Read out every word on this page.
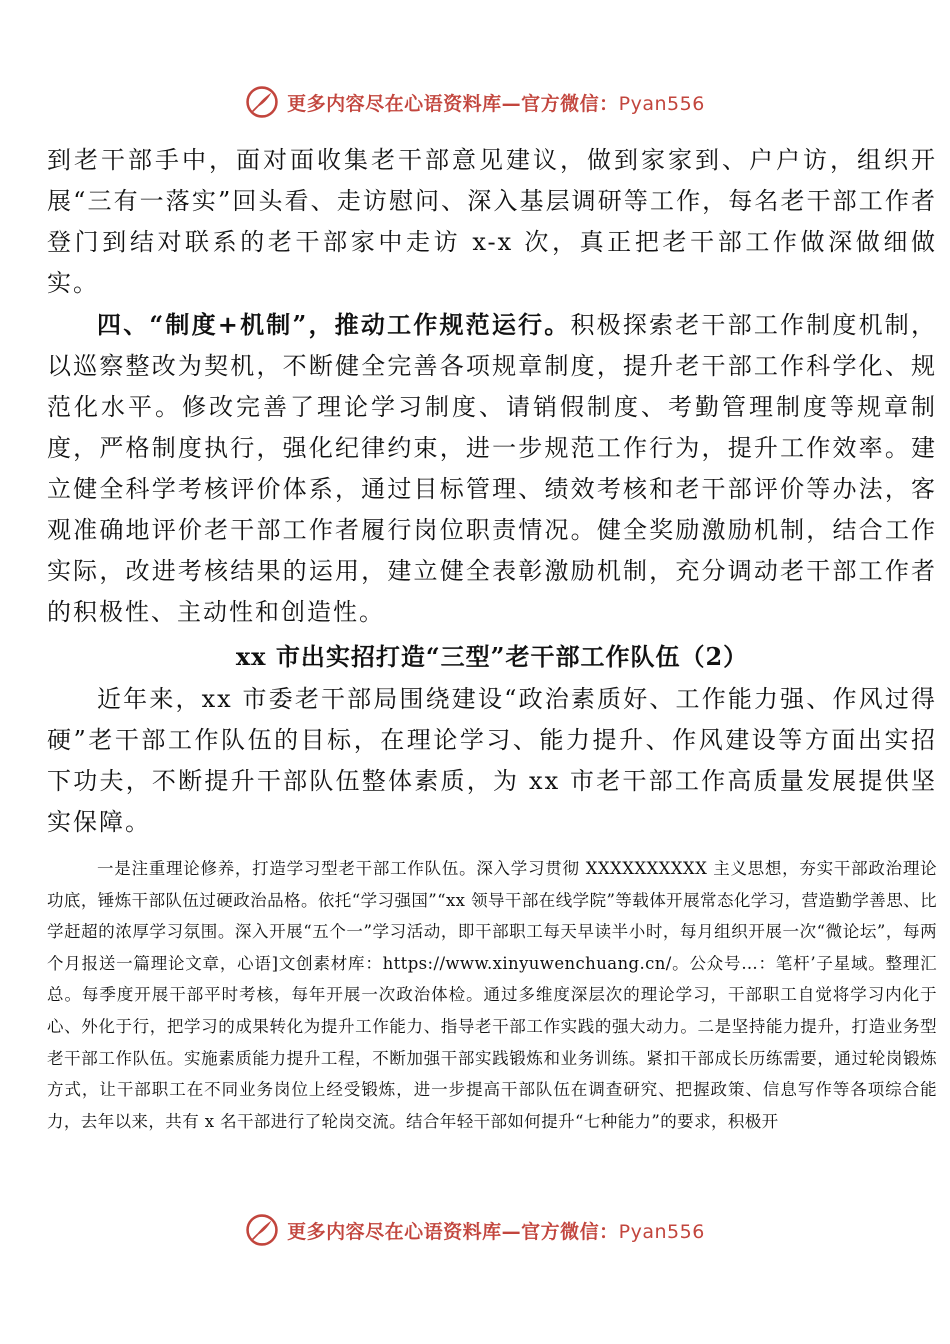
更多内容尽在心语资料库—官方微信：Pyan556

到老干部手中，面对面收集老干部意见建议，做到家家到、户户访，组织开展“三有一落实”回头看、走访慰问、深入基层调研等工作，每名老干部工作者登门到结对联系的老干部家中走访 x-x 次，真正把老干部工作做深做细做实。

四、“制度+机制”，推动工作规范运行。积极探索老干部工作制度机制，以巡察整改为契机，不断健全完善各项规章制度，提升老干部工作科学化、规范化水平。修改完善了理论学习制度、请销假制度、考勤管理制度等规章制度，严格制度执行，强化纪律约束，进一步规范工作行为，提升工作效率。建立健全科学考核评价体系，通过目标管理、绩效考核和老干部评价等办法，客观准确地评价老干部工作者履行岗位职责情况。健全奖励激励机制，结合工作实际，改进考核结果的运用，建立健全表彰激励机制，充分调动老干部工作者的积极性、主动性和创造性。

xx 市出实招打造“三型”老干部工作队伍（2）

近年来，xx 市委老干部局围绕建设“政治素质好、工作能力强、作风过得硬”老干部工作队伍的目标，在理论学习、能力提升、作风建设等方面出实招下功夫，不断提升干部队伍整体素质，为 xx 市老干部工作高质量发展提供坚实保障。

一是注重理论修养，打造学习型老干部工作队伍。深入学习贯彻 XXXXXXXXXX 主义思想，夯实干部政治理论功底，锤炼干部队伍过硬政治品格。依托“学习强国”“xx 领导干部在线学院”等载体开展常态化学习，营造勤学善思、比学赶超的浓厚学习氛围。深入开展“五个一”学习活动，即干部职工每天早读半小时，每月组织开展一次“微论坛”，每两个月报送一篇理论文章，心语]文创素材库：https://www.xinyuwenchuang.cn/。公众号…：笔杆’子星域。整理汇总。每季度开展干部平时考核，每年开展一次政治体检。通过多维度深层次的理论学习，干部职工自觉将学习内化于心、外化于行，把学习的成果转化为提升工作能力、指导老干部工作实践的强大动力。二是坚持能力提升，打造业务型老干部工作队伍。实施素质能力提升工程，不断加强干部实践锻炼和业务训练。紧扣干部成长历练需要，通过轮岗锻炼方式，让干部职工在不同业务岗位上经受锻炼，进一步提高干部队伍在调查研究、把握政策、信息写作等各项综合能力，去年以来，共有 x 名干部进行了轮岗交流。结合年轻干部如何提升“七种能力”的要求，积极开

更多内容尽在心语资料库—官方微信：Pyan556
